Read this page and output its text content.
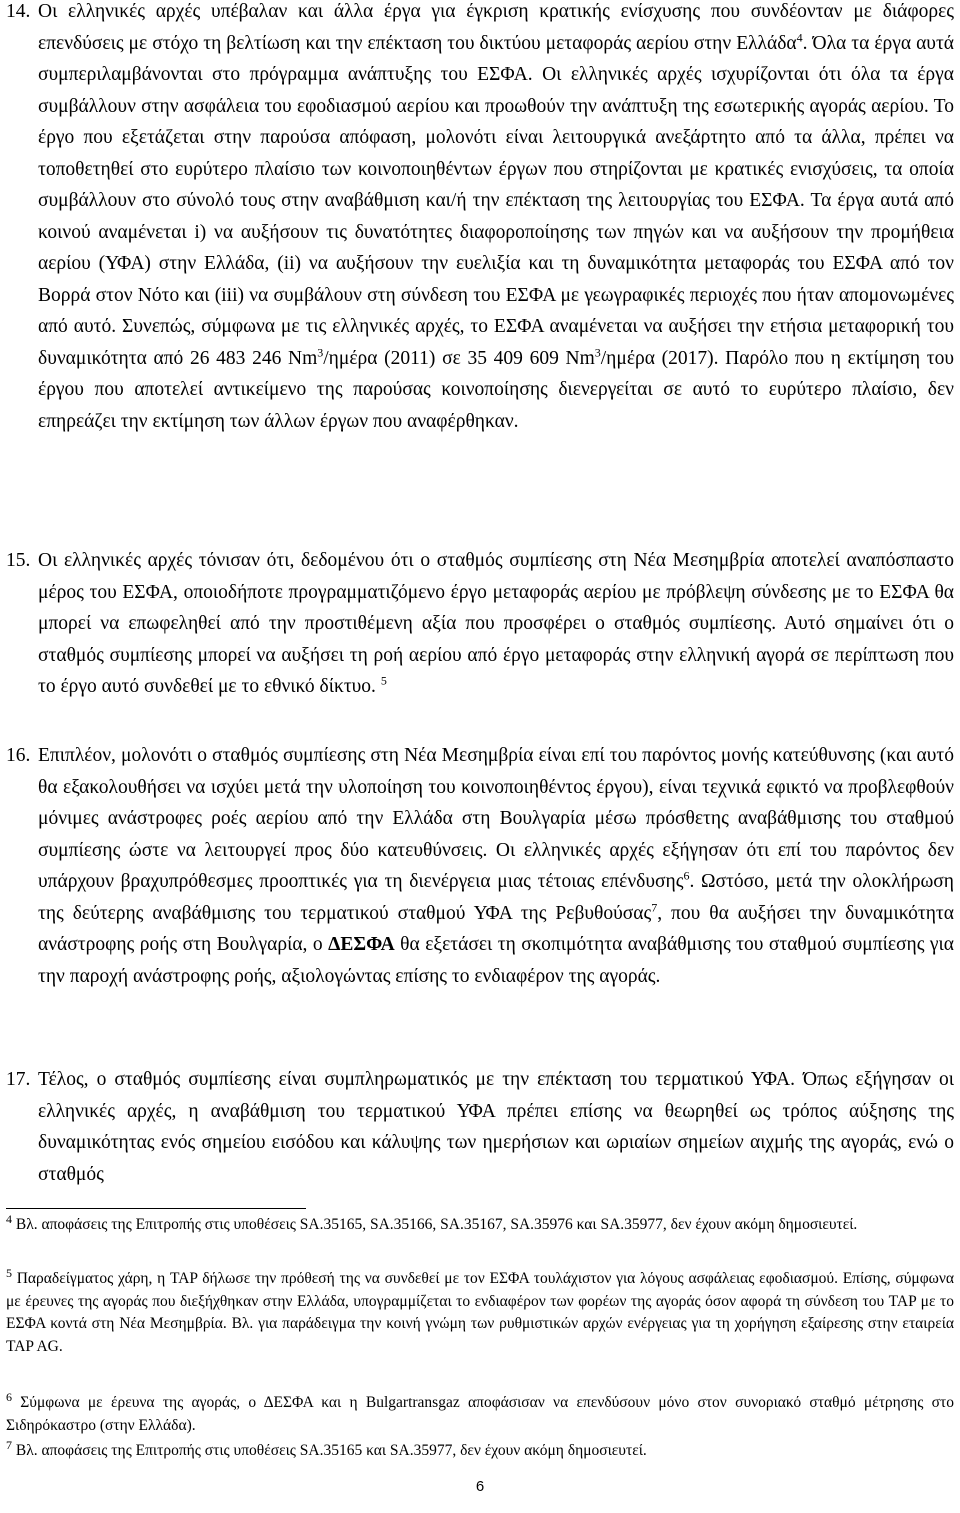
14. Οι ελληνικές αρχές υπέβαλαν και άλλα έργα για έγκριση κρατικής ενίσχυσης που συνδέονταν με διάφορες επενδύσεις με στόχο τη βελτίωση και την επέκταση του δικτύου μεταφοράς αερίου στην Ελλάδα$^4$. Όλα τα έργα αυτά συμπεριλαμβάνονται στο πρόγραμμα ανάπτυξης του ΕΣΦΑ. Οι ελληνικές αρχές ισχυρίζονται ότι όλα τα έργα συμβάλλουν στην ασφάλεια του εφοδιασμού αερίου και προωθούν την ανάπτυξη της εσωτερικής αγοράς αερίου. Το έργο που εξετάζεται στην παρούσα απόφαση, μολονότι είναι λειτουργικά ανεξάρτητο από τα άλλα, πρέπει να τοποθετηθεί στο ευρύτερο πλαίσιο των κοινοποιηθέντων έργων που στηρίζονται με κρατικές ενισχύσεις, τα οποία συμβάλλουν στο σύνολό τους στην αναβάθμιση και/ή την επέκταση της λειτουργίας του ΕΣΦΑ. Τα έργα αυτά από κοινού αναμένεται i) να αυξήσουν τις δυνατότητες διαφοροποίησης των πηγών και να αυξήσουν την προμήθεια αερίου (ΥΦΑ) στην Ελλάδα, (ii) να αυξήσουν την ευελιξία και τη δυναμικότητα μεταφοράς του ΕΣΦΑ από τον Βορρά στον Νότο και (iii) να συμβάλουν στη σύνδεση του ΕΣΦΑ με γεωγραφικές περιοχές που ήταν απομονωμένες από αυτό. Συνεπώς, σύμφωνα με τις ελληνικές αρχές, το ΕΣΦΑ αναμένεται να αυξήσει την ετήσια μεταφορική του δυναμικότητα από 26 483 246 Nm$^3$/ημέρα (2011) σε 35 409 609 Nm$^3$/ημέρα (2017). Παρόλο που η εκτίμηση του έργου που αποτελεί αντικείμενο της παρούσας κοινοποίησης διενεργείται σε αυτό το ευρύτερο πλαίσιο, δεν επηρεάζει την εκτίμηση των άλλων έργων που αναφέρθηκαν.
15. Οι ελληνικές αρχές τόνισαν ότι, δεδομένου ότι ο σταθμός συμπίεσης στη Νέα Μεσημβρία αποτελεί αναπόσπαστο μέρος του ΕΣΦΑ, οποιοδήποτε προγραμματιζόμενο έργο μεταφοράς αερίου με πρόβλεψη σύνδεσης με το ΕΣΦΑ θα μπορεί να επωφεληθεί από την προστιθέμενη αξία που προσφέρει ο σταθμός συμπίεσης. Αυτό σημαίνει ότι ο σταθμός συμπίεσης μπορεί να αυξήσει τη ροή αερίου από έργο μεταφοράς στην ελληνική αγορά σε περίπτωση που το έργο αυτό συνδεθεί με το εθνικό δίκτυο. $^5$
16. Επιπλέον, μολονότι ο σταθμός συμπίεσης στη Νέα Μεσημβρία είναι επί του παρόντος μονής κατεύθυνσης (και αυτό θα εξακολουθήσει να ισχύει μετά την υλοποίηση του κοινοποιηθέντος έργου), είναι τεχνικά εφικτό να προβλεφθούν μόνιμες ανάστροφες ροές αερίου από την Ελλάδα στη Βουλγαρία μέσω πρόσθετης αναβάθμισης του σταθμού συμπίεσης ώστε να λειτουργεί προς δύο κατευθύνσεις. Οι ελληνικές αρχές εξήγησαν ότι επί του παρόντος δεν υπάρχουν βραχυπρόθεσμες προοπτικές για τη διενέργεια μιας τέτοιας επένδυσης$^6$. Ωστόσο, μετά την ολοκλήρωση της δεύτερης αναβάθμισης του τερματικού σταθμού ΥΦΑ της Ρεβυθούσας$^7$, που θα αυξήσει την δυναμικότητα ανάστροφης ροής στη Βουλγαρία, ο ΔΕΣΦΑ θα εξετάσει τη σκοπιμότητα αναβάθμισης του σταθμού συμπίεσης για την παροχή ανάστροφης ροής, αξιολογώντας επίσης το ενδιαφέρον της αγοράς.
17. Τέλος, ο σταθμός συμπίεσης είναι συμπληρωματικός με την επέκταση του τερματικού ΥΦΑ. Όπως εξήγησαν οι ελληνικές αρχές, η αναβάθμιση του τερματικού ΥΦΑ πρέπει επίσης να θεωρηθεί ως τρόπος αύξησης της δυναμικότητας ενός σημείου εισόδου και κάλυψης των ημερήσιων και ωριαίων σημείων αιχμής της αγοράς, ενώ ο σταθμός
$^4$ Βλ. αποφάσεις της Επιτροπής στις υποθέσεις SA.35165, SA.35166, SA.35167, SA.35976 και SA.35977, δεν έχουν ακόμη δημοσιευτεί.
$^5$ Παραδείγματος χάρη, η TAP δήλωσε την πρόθεσή της να συνδεθεί με τον ΕΣΦΑ τουλάχιστον για λόγους ασφάλειας εφοδιασμού. Επίσης, σύμφωνα με έρευνες της αγοράς που διεξήχθηκαν στην Ελλάδα, υπογραμμίζεται το ενδιαφέρον των φορέων της αγοράς όσον αφορά τη σύνδεση του TAP με το ΕΣΦΑ κοντά στη Νέα Μεσημβρία. Βλ. για παράδειγμα την κοινή γνώμη των ρυθμιστικών αρχών ενέργειας για τη χορήγηση εξαίρεσης στην εταιρεία TAP AG.
$^6$ Σύμφωνα με έρευνα της αγοράς, ο ΔΕΣΦΑ και η Bulgartransgaz αποφάσισαν να επενδύσουν μόνο στον συνοριακό σταθμό μέτρησης στο Σιδηρόκαστρο (στην Ελλάδα).
$^7$ Βλ. αποφάσεις της Επιτροπής στις υποθέσεις SA.35165 και SA.35977, δεν έχουν ακόμη δημοσιευτεί.
6
